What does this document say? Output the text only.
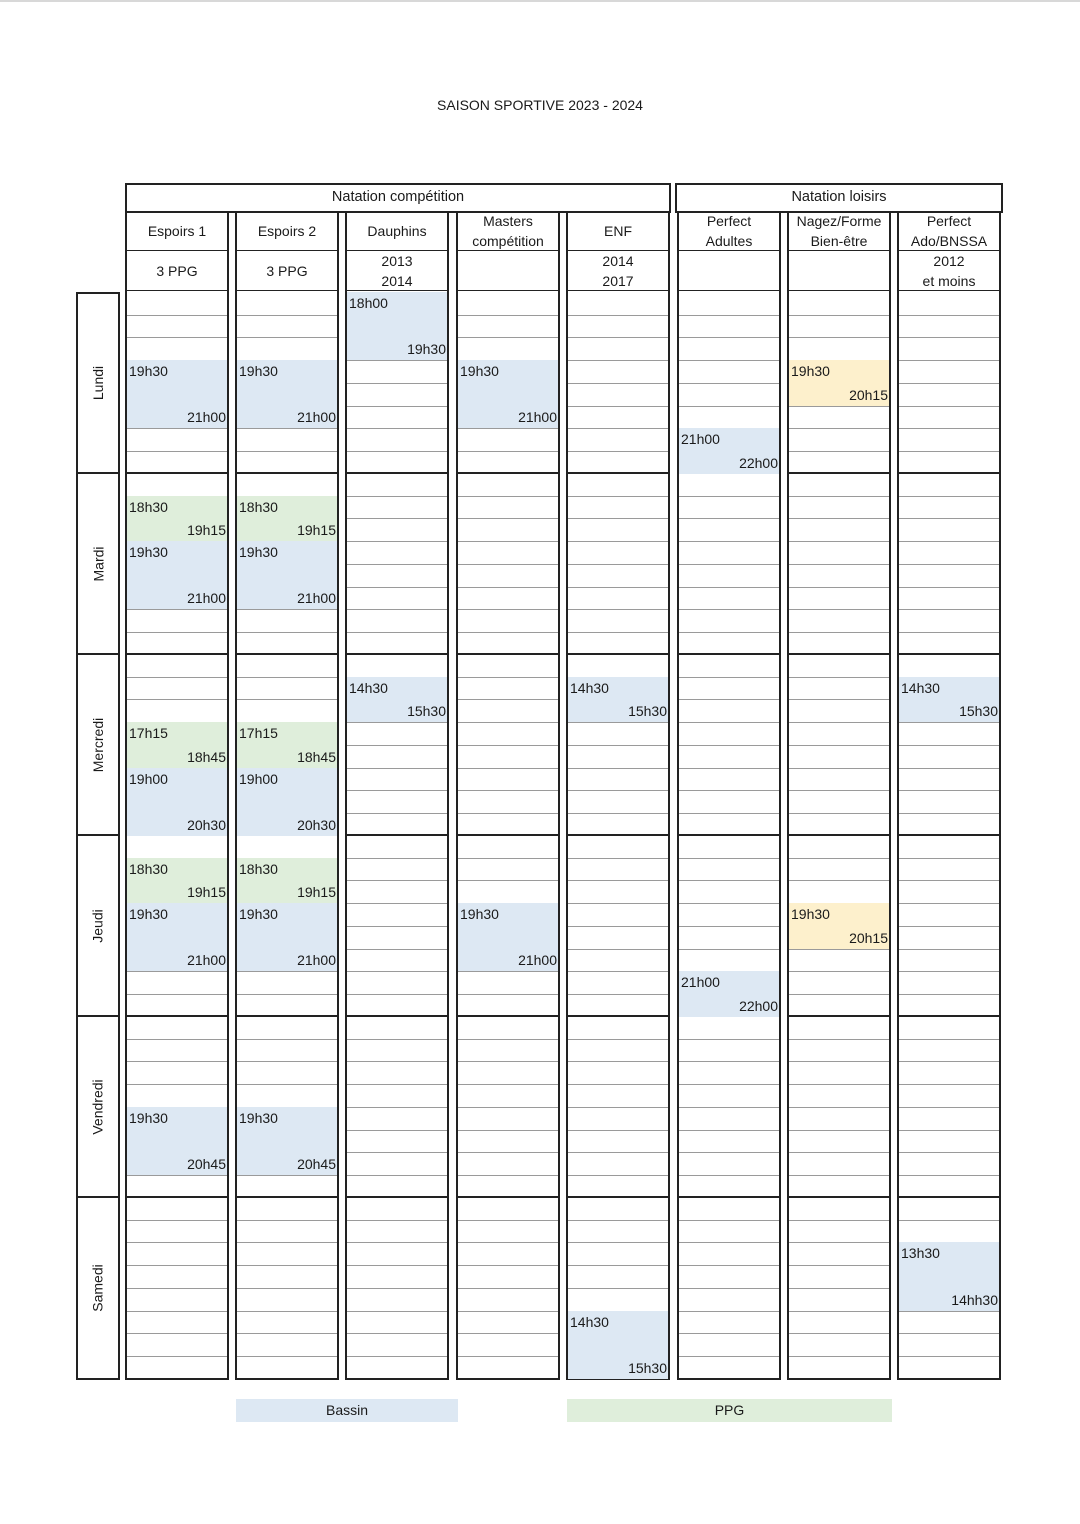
SAISON SPORTIVE 2023 - 2024
Natation compétition	Natation loisirs
Espoirs 1
3 PPG
Espoirs 2
3 PPG
Dauphins
2013
2014
Masters
compétition
ENF
2014
2017
Perfect
Adultes
Nagez/Forme
Bien-être
Perfect
Ado/BNSSA
2012
et moins
Lundi
Mardi
Mercredi
Jeudi
Vendredi
Samedi
19h30
21h00
19h30
21h00
18h00
19h30
19h30
21h00
21h00
22h00
19h30
20h15
18h30
19h15
19h30
21h00
18h30
19h15
19h30
21h00
17h15
18h45
19h00
20h30
17h15
18h45
19h00
20h30
14h30
15h30
14h30
15h30
14h30
15h30
18h30
19h15
19h30
21h00
18h30
19h15
19h30
21h00
19h30
21h00
21h00
22h00
19h30
20h15
19h30
20h45
19h30
20h45
14h30
15h30
13h30
14hh30
Bassin	PPG
